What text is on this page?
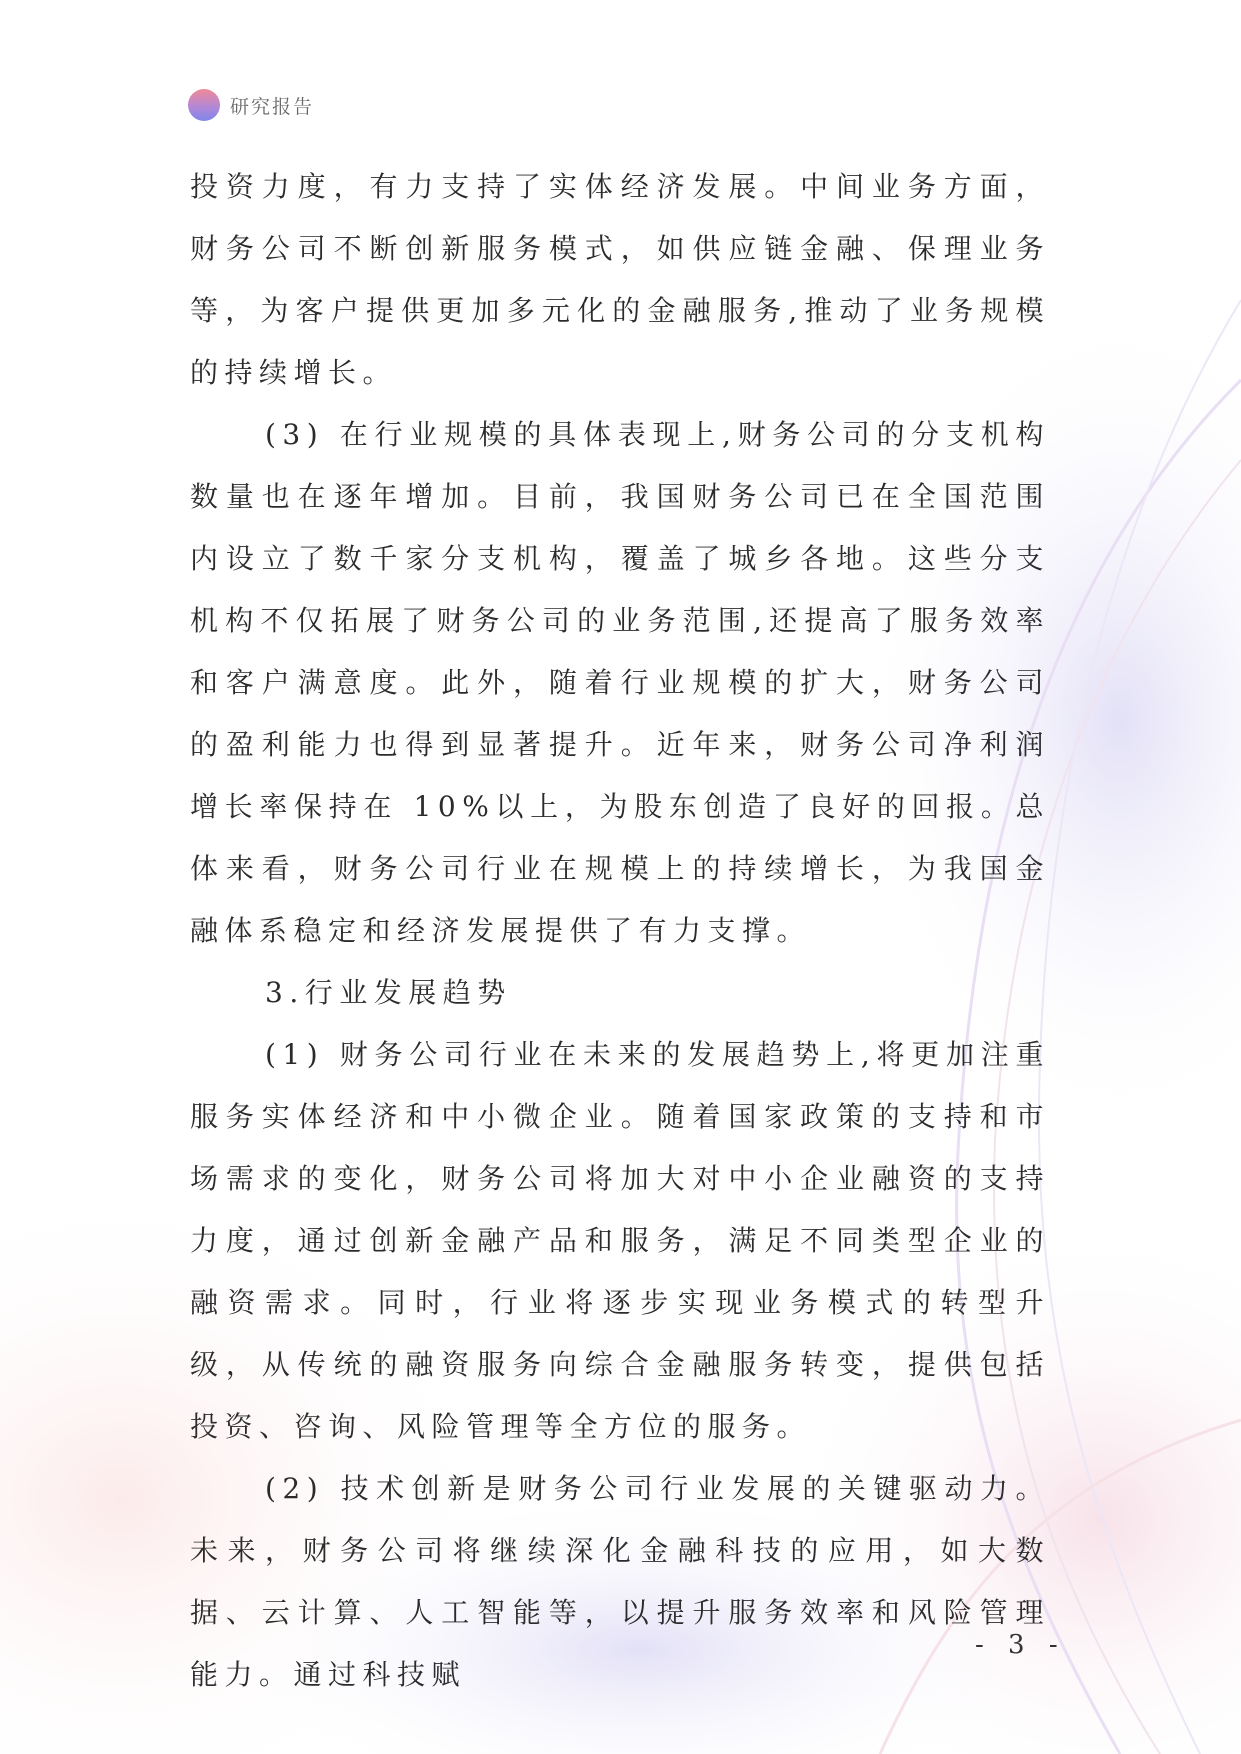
研究报告

投资力度，有力支持了实体经济发展。中间业务方面，财务公司不断创新服务模式，如供应链金融、保理业务等，为客户提供更加多元化的金融服务,推动了业务规模的持续增长。

(3) 在行业规模的具体表现上,财务公司的分支机构数量也在逐年增加。目前，我国财务公司已在全国范围内设立了数千家分支机构，覆盖了城乡各地。这些分支机构不仅拓展了财务公司的业务范围,还提高了服务效率和客户满意度。此外，随着行业规模的扩大，财务公司的盈利能力也得到显著提升。近年来，财务公司净利润增长率保持在 10%以上，为股东创造了良好的回报。总体来看，财务公司行业在规模上的持续增长，为我国金融体系稳定和经济发展提供了有力支撑。

3.行业发展趋势

(1) 财务公司行业在未来的发展趋势上,将更加注重服务实体经济和中小微企业。随着国家政策的支持和市场需求的变化，财务公司将加大对中小企业融资的支持力度，通过创新金融产品和服务，满足不同类型企业的融资需求。同时，行业将逐步实现业务模式的转型升级，从传统的融资服务向综合金融服务转变，提供包括投资、咨询、风险管理等全方位的服务。

(2) 技术创新是财务公司行业发展的关键驱动力。未来，财务公司将继续深化金融科技的应用，如大数据、云计算、人工智能等，以提升服务效率和风险管理能力。通过科技赋

- 3 -
